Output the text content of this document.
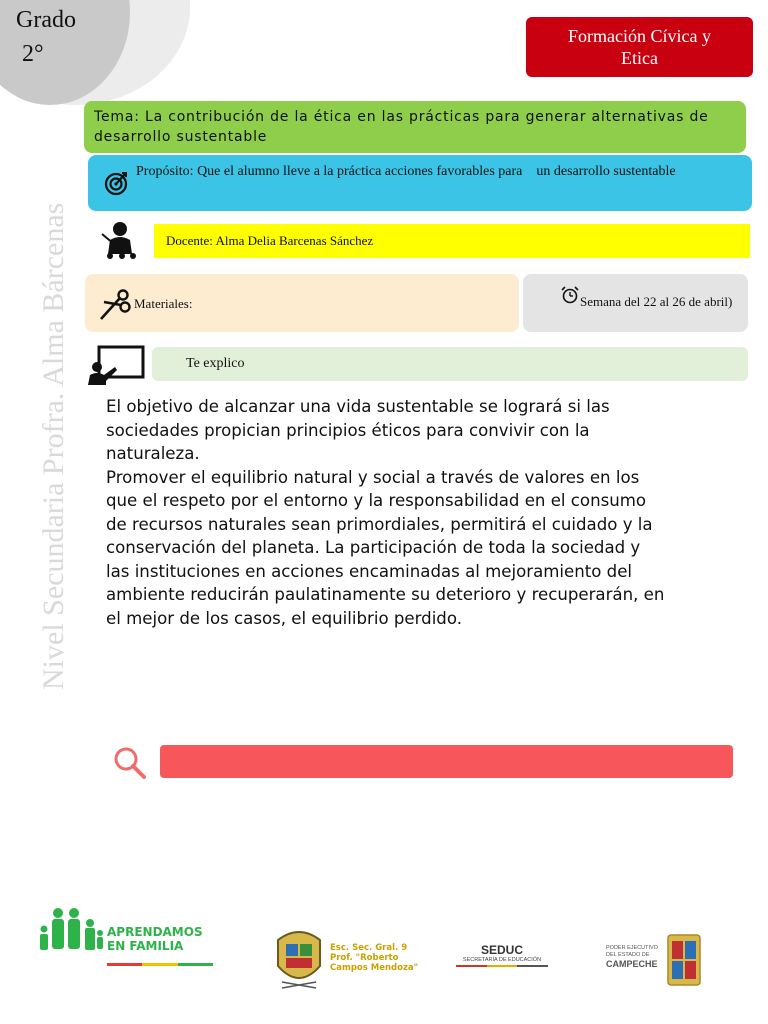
Grado
2°
Formación Cívica y Etica
Nivel Secundaria Profra. Alma Bárcenas
Tema: La contribución de la ética en las prácticas para generar alternativas de desarrollo sustentable
Propósito: Que el alumno lleve a la práctica acciones favorables para    un desarrollo sustentable
Docente: Alma Delia Barcenas Sánchez
Materiales:	Semana del 22 al 26 de abril)
Te explico
El objetivo de alcanzar una vida sustentable se logrará si las sociedades propician principios éticos para convivir con la naturaleza.
Promover el equilibrio natural y social a través de valores en los que el respeto por el entorno y la responsabilidad en el consumo de recursos naturales sean primordiales, permitirá el cuidado y la conservación del planeta. La participación de toda la sociedad y las instituciones en acciones encaminadas al mejoramiento del ambiente reducirán paulatinamente su deterioro y recuperarán, en el mejor de los casos, el equilibrio perdido.
APRENDAMOS
EN FAMILIA	Esc. Sec. Gral. 9
Prof. "Roberto
Campos Mendoza"
SEDUC
SECRETARÍA DE EDUCACIÓN
PODER EJECUTIVO
DEL ESTADO DE
CAMPECHE
